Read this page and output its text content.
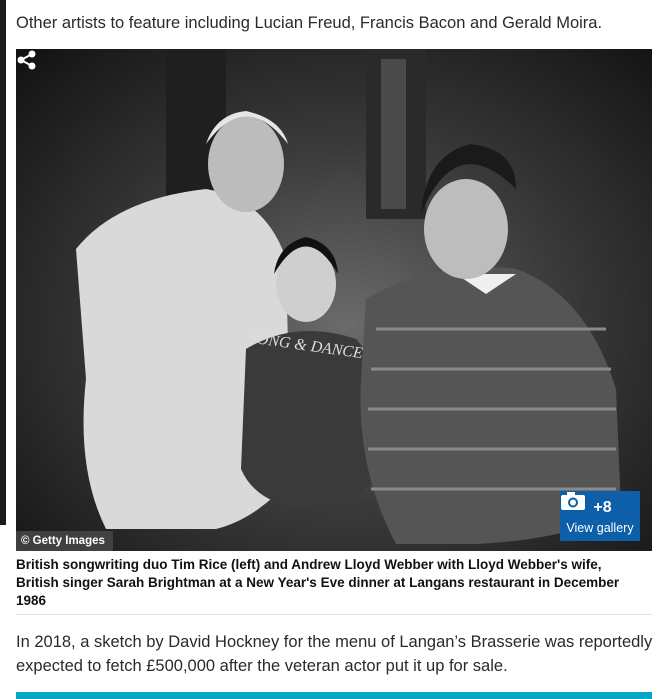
Other artists to feature including Lucian Freud, Francis Bacon and Gerald Moira.

SONG & DANCE
© Getty Images
+8
View gallery

British songwriting duo Tim Rice (left) and Andrew Lloyd Webber with Lloyd Webber's wife, British singer Sarah Brightman at a New Year's Eve dinner at Langans restaurant in December 1986

In 2018, a sketch by David Hockney for the menu of Langan’s Brasserie was reportedly expected to fetch £500,000 after the veteran actor put it up for sale.
